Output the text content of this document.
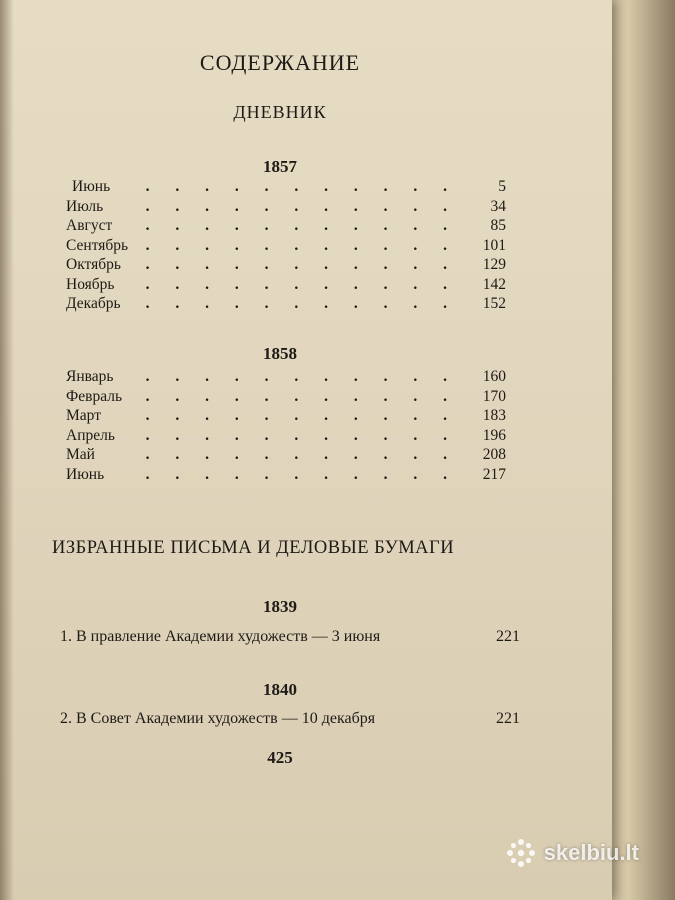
СОДЕРЖАНИЕ
ДНЕВНИК
1857
Июнь	. . . . . . . . . . .	5
Июль	. . . . . . . . . . .	34
Август	. . . . . . . . . . .	85
Сентябрь	. . . . . . . . . . .	101
Октябрь	. . . . . . . . . . .	129
Ноябрь	. . . . . . . . . . .	142
Декабрь	. . . . . . . . . . .	152
1858
Январь	. . . . . . . . . . .	160
Февраль	. . . . . . . . . . .	170
Март	. . . . . . . . . . .	183
Апрель	. . . . . . . . . . .	196
Май	. . . . . . . . . . .	208
Июнь	. . . . . . . . . . .	217
ИЗБРАННЫЕ ПИСЬМА И ДЕЛОВЫЕ БУМАГИ
1839
1. В правление Академии художеств — 3 июня	221
1840
2. В Совет Академии художеств — 10 декабря	221
425
skelbiu.lt
